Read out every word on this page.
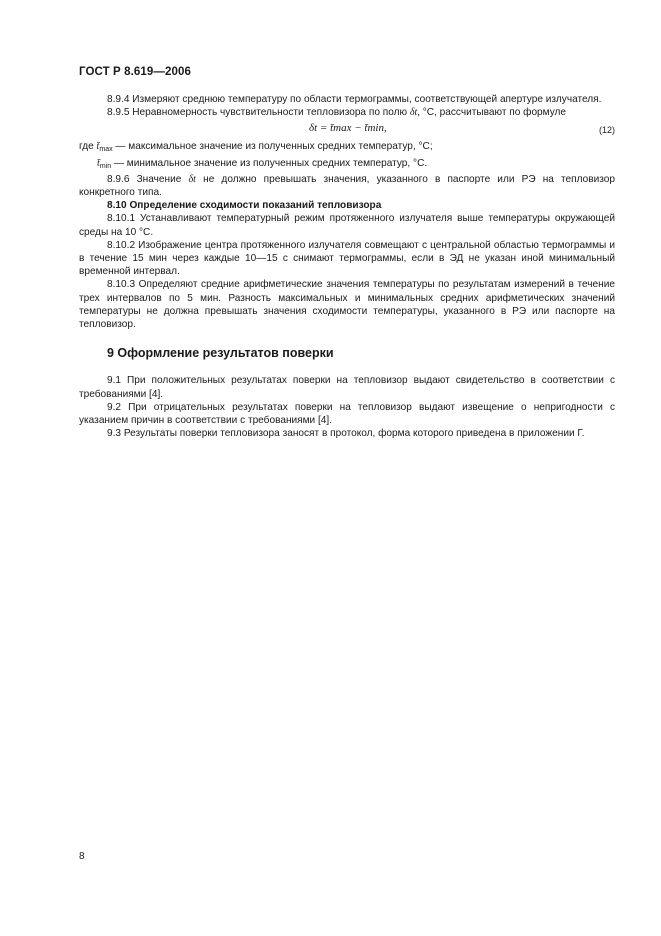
ГОСТ Р 8.619—2006

8.9.4 Измеряют среднюю температуру по области термограммы, соответствующей апертуре излучателя.

8.9.5 Неравномерность чувствительности тепловизора по полю δt, °С, рассчитывают по формуле

δt = t̄max − t̄min,	(12)

где $t̄_{max}$ — максимальное значение из полученных средних температур, °С;

$t̄_{min}$ — минимальное значение из полученных средних температур, °С.

8.9.6 Значение δt не должно превышать значения, указанного в паспорте или РЭ на тепловизор конкретного типа.

8.10 Определение сходимости показаний тепловизора

8.10.1 Устанавливают температурный режим протяженного излучателя выше температуры окружающей среды на 10 °С.

8.10.2 Изображение центра протяженного излучателя совмещают с центральной областью термограммы и в течение 15 мин через каждые 10—15 с снимают термограммы, если в ЭД не указан иной минимальный временной интервал.

8.10.3 Определяют средние арифметические значения температуры по результатам измерений в течение трех интервалов по 5 мин. Разность максимальных и минимальных средних арифметических значений температуры не должна превышать значения сходимости температуры, указанного в РЭ или паспорте на тепловизор.

9 Оформление результатов поверки

9.1 При положительных результатах поверки на тепловизор выдают свидетельство в соответствии с требованиями [4].

9.2 При отрицательных результатах поверки на тепловизор выдают извещение о непригодности с указанием причин в соответствии с требованиями [4].

9.3 Результаты поверки тепловизора заносят в протокол, форма которого приведена в приложении Г.

8
